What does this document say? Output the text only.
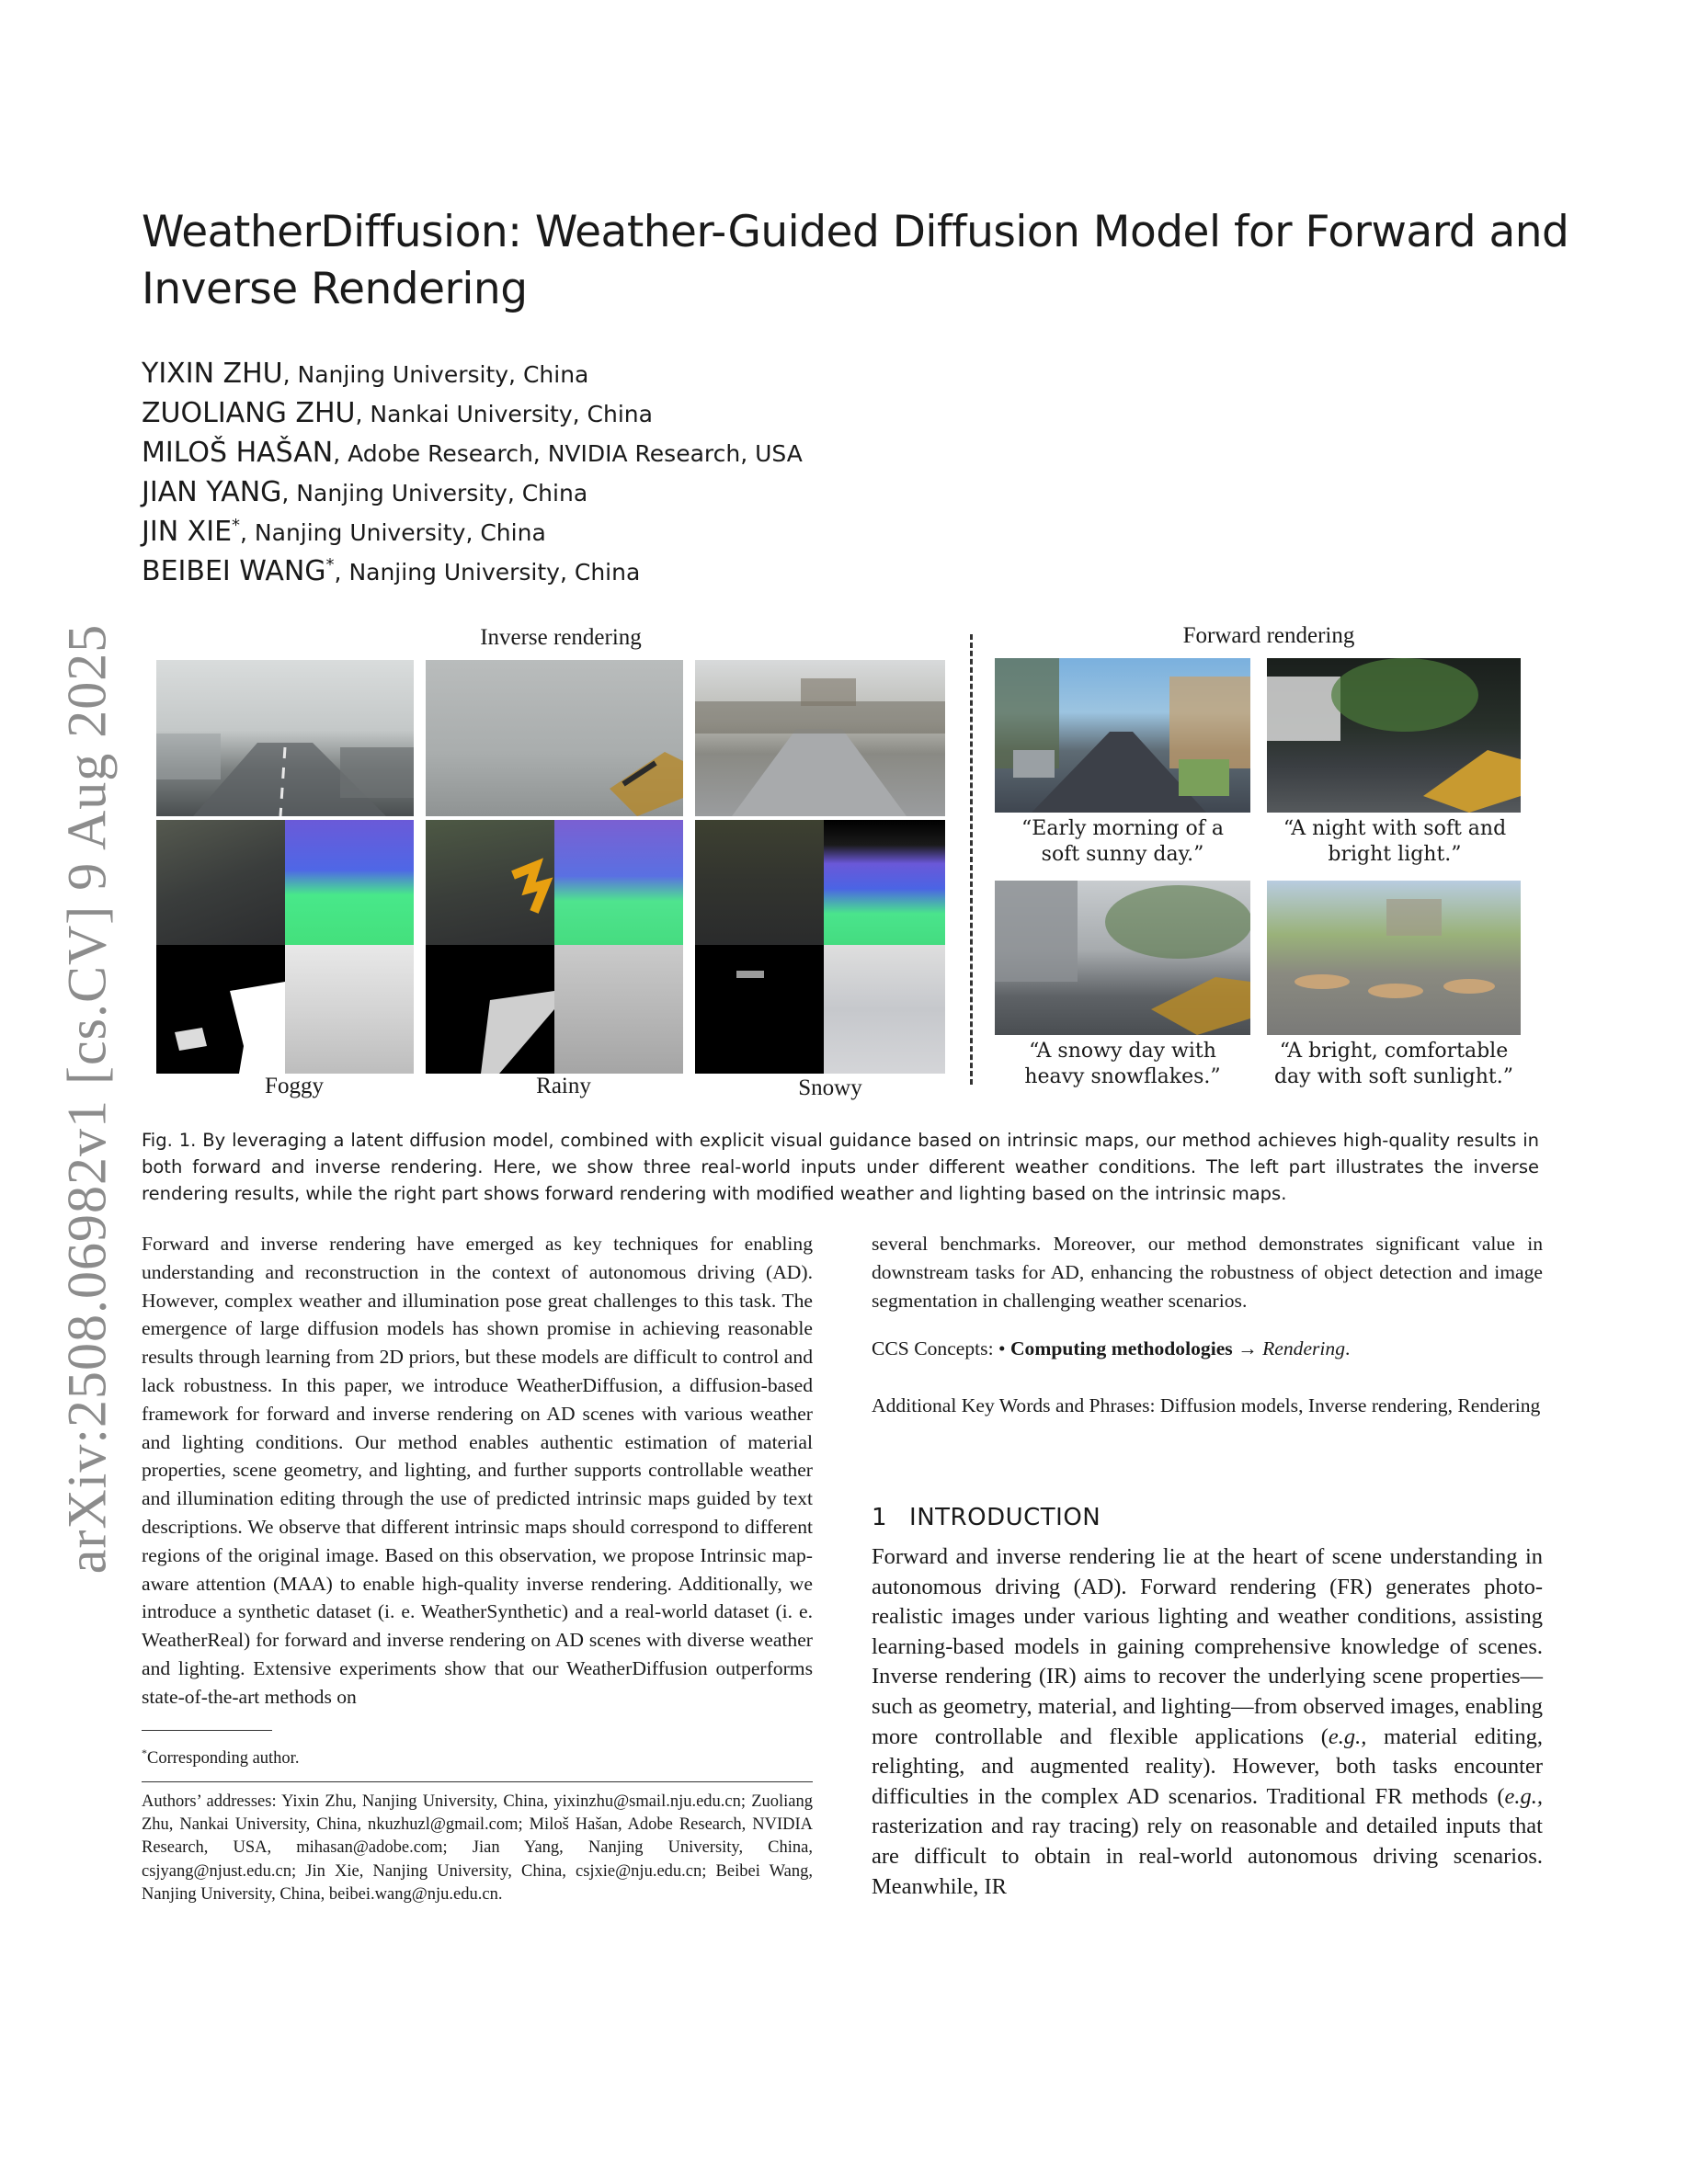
arXiv:2508.06982v1 [cs.CV] 9 Aug 2025
WeatherDiffusion: Weather-Guided Diffusion Model for Forward and Inverse Rendering
YIXIN ZHU, Nanjing University, China
ZUOLIANG ZHU, Nankai University, China
MILOŠ HAŠAN, Adobe Research, NVIDIA Research, USA
JIAN YANG, Nanjing University, China
JIN XIE*, Nanjing University, China
BEIBEI WANG*, Nanjing University, China
Inverse rendering	Forward rendering
Foggy	Rainy	Snowy
“Early morning of a soft sunny day.”
“A night with soft and bright light.”
“A snowy day with heavy snowflakes.”
“A bright, comfortable day with soft sunlight.”

Fig. 1. By leveraging a latent diffusion model, combined with explicit visual guidance based on intrinsic maps, our method achieves high-quality results in both forward and inverse rendering. Here, we show three real-world inputs under different weather conditions. The left part illustrates the inverse rendering results, while the right part shows forward rendering with modified weather and lighting based on the intrinsic maps.

Forward and inverse rendering have emerged as key techniques for enabling understanding and reconstruction in the context of autonomous driving (AD). However, complex weather and illumination pose great challenges to this task. The emergence of large diffusion models has shown promise in achieving reasonable results through learning from 2D priors, but these models are difficult to control and lack robustness. In this paper, we introduce WeatherDiffusion, a diffusion-based framework for forward and inverse rendering on AD scenes with various weather and lighting conditions. Our method enables authentic estimation of material properties, scene geometry, and lighting, and further supports controllable weather and illumination editing through the use of predicted intrinsic maps guided by text descriptions. We observe that different intrinsic maps should correspond to different regions of the original image. Based on this observation, we propose Intrinsic map-aware attention (MAA) to enable high-quality inverse rendering. Additionally, we introduce a synthetic dataset (i. e. WeatherSynthetic) and a real-world dataset (i. e. WeatherReal) for forward and inverse rendering on AD scenes with diverse weather and lighting. Extensive experiments show that our WeatherDiffusion outperforms state-of-the-art methods on

*Corresponding author.

Authors’ addresses: Yixin Zhu, Nanjing University, China, yixinzhu@smail.nju.edu.cn; Zuoliang Zhu, Nankai University, China, nkuzhuzl@gmail.com; Miloš Hašan, Adobe Research, NVIDIA Research, USA, mihasan@adobe.com; Jian Yang, Nanjing University, China, csjyang@njust.edu.cn; Jin Xie, Nanjing University, China, csjxie@nju.edu.cn; Beibei Wang, Nanjing University, China, beibei.wang@nju.edu.cn.

several benchmarks. Moreover, our method demonstrates significant value in downstream tasks for AD, enhancing the robustness of object detection and image segmentation in challenging weather scenarios.

CCS Concepts: • Computing methodologies → Rendering.

Additional Key Words and Phrases: Diffusion models, Inverse rendering, Rendering

1 INTRODUCTION

Forward and inverse rendering lie at the heart of scene understanding in autonomous driving (AD). Forward rendering (FR) generates photo-realistic images under various lighting and weather conditions, assisting learning-based models in gaining comprehensive knowledge of scenes. Inverse rendering (IR) aims to recover the underlying scene properties—such as geometry, material, and lighting—from observed images, enabling more controllable and flexible applications (e.g., material editing, relighting, and augmented reality). However, both tasks encounter difficulties in the complex AD scenarios. Traditional FR methods (e.g., rasterization and ray tracing) rely on reasonable and detailed inputs that are difficult to obtain in real-world autonomous driving scenarios. Meanwhile, IR
